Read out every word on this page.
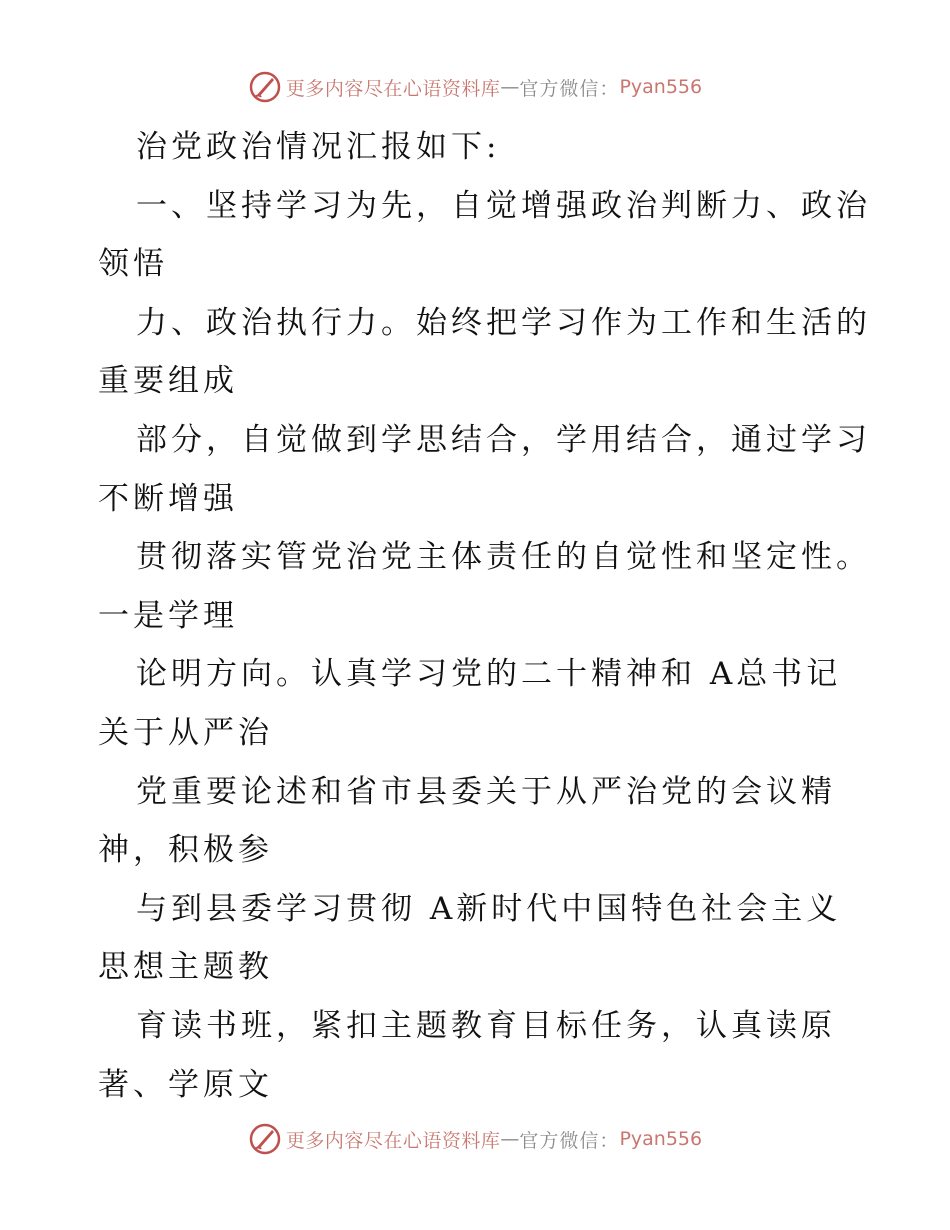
更多内容尽在心语资料库 — 官方微信： Pyan556
治党政治情况汇报如下:
一、坚持学习为先，自觉增强政治判断力、政治
领悟
力、政治执行力。始终把学习作为工作和生活的
重要组成
部分，自觉做到学思结合，学用结合，通过学习
不断增强
贯彻落实管党治党主体责任的自觉性和坚定性。
一是学理
论明方向。认真学习党的二十精神和 A总书记
关于从严治
党重要论述和省市县委关于从严治党的会议精
神，积极参
与到县委学习贯彻 A新时代中国特色社会主义
思想主题教
育读书班，紧扣主题教育目标任务，认真读原
著、学原文
更多内容尽在心语资料库 — 官方微信： Pyan556
